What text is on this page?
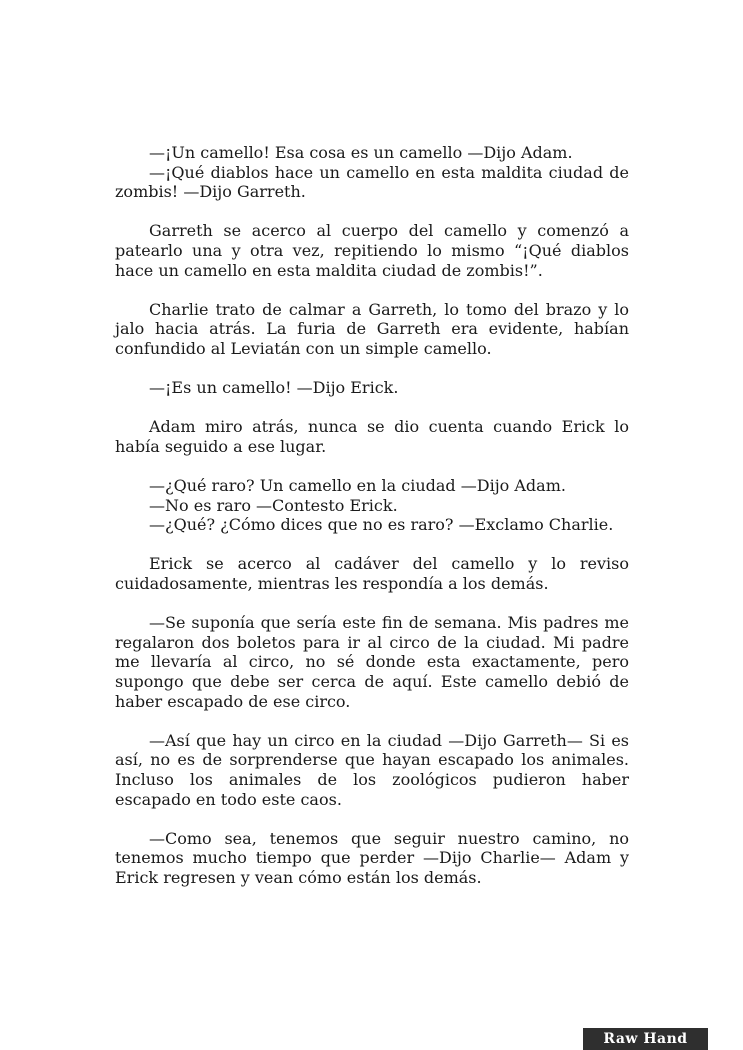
—¡Un camello! Esa cosa es un camello —Dijo Adam.

—¡Qué diablos hace un camello en esta maldita ciudad de zombis! —Dijo Garreth.

Garreth se acerco al cuerpo del camello y comenzó a patearlo una y otra vez, repitiendo lo mismo “¡Qué diablos hace un camello en esta maldita ciudad de zombis!”.

Charlie trato de calmar a Garreth, lo tomo del brazo y lo jalo hacia atrás. La furia de Garreth era evidente, habían confundido al Leviatán con un simple camello.

—¡Es un camello! —Dijo Erick.

Adam miro atrás, nunca se dio cuenta cuando Erick lo había seguido a ese lugar.

—¿Qué raro? Un camello en la ciudad —Dijo Adam.

—No es raro —Contesto Erick.

—¿Qué? ¿Cómo dices que no es raro? —Exclamo Charlie.

Erick se acerco al cadáver del camello y lo reviso cuidadosamente, mientras les respondía a los demás.

—Se suponía que sería este fin de semana. Mis padres me regalaron dos boletos para ir al circo de la ciudad. Mi padre me llevaría al circo, no sé donde esta exactamente, pero supongo que debe ser cerca de aquí. Este camello debió de haber escapado de ese circo.

—Así que hay un circo en la ciudad —Dijo Garreth— Si es así, no es de sorprenderse que hayan escapado los animales. Incluso los animales de los zoológicos pudieron haber escapado en todo este caos.

—Como sea, tenemos que seguir nuestro camino, no tenemos mucho tiempo que perder —Dijo Charlie— Adam y Erick regresen y vean cómo están los demás.

Raw Hand
